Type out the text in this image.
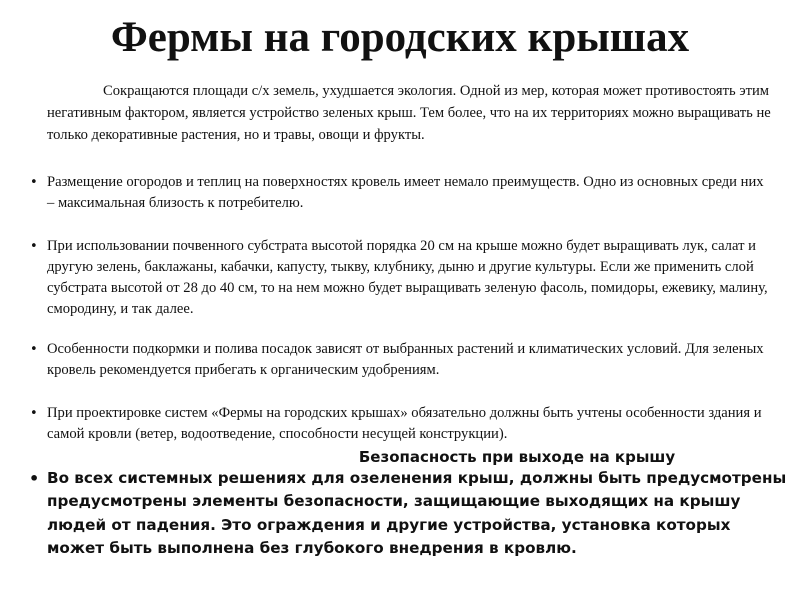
Фермы на городских крышах

Сокращаются площади с/х земель, ухудшается экология. Одной из мер, которая может противостоять этим негативным фактором, является устройство зеленых крыш. Тем более, что на их территориях можно выращивать не только декоративные растения, но и травы, овощи и фрукты.

• Размещение огородов и теплиц на поверхностях кровель имеет немало преимуществ. Одно из основных среди них – максимальная близость к потребителю.
• При использовании почвенного субстрата высотой порядка 20 см на крыше можно будет выращивать лук, салат и другую зелень, баклажаны, кабачки, капусту, тыкву, клубнику, дыню и другие культуры. Если же применить слой субстрата высотой от 28 до 40 см, то на нем можно будет выращивать зеленую фасоль, помидоры, ежевику, малину, смородину, и так далее.
• Особенности подкормки и полива посадок зависят от выбранных растений и климатических условий. Для зеленых кровель рекомендуется прибегать к органическим удобрениям.
• При проектировке систем «Фермы на городских крышах» обязательно должны быть учтены особенности здания и самой кровли (ветер, водоотведение, способности несущей конструкции).
Безопасность при выходе на крышу
• Во всех системных решениях для озеленения крыш, должны быть предусмотрены предусмотрены элементы безопасности, защищающие выходящих на крышу людей от падения. Это ограждения и другие устройства, установка которых может быть выполнена без глубокого внедрения в кровлю.
